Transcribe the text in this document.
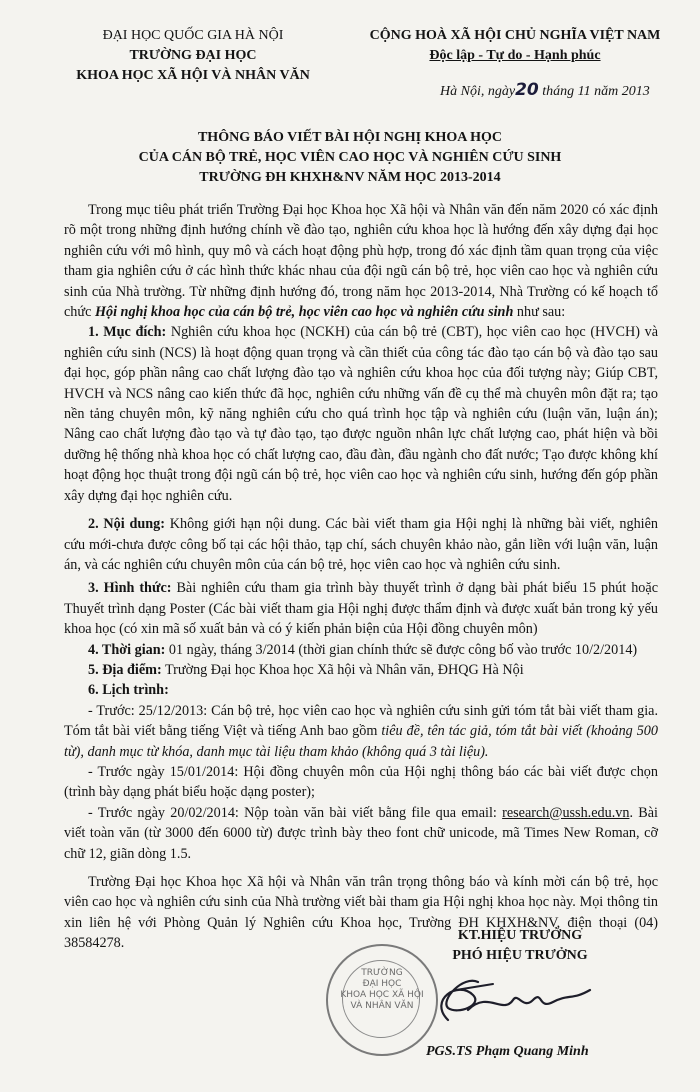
ĐẠI HỌC QUỐC GIA HÀ NỘI
TRƯỜNG ĐẠI HỌC
KHOA HỌC XÃ HỘI VÀ NHÂN VĂN
CỘNG HOÀ XÃ HỘI CHỦ NGHĨA VIỆT NAM
Độc lập - Tự do - Hạnh phúc
Hà Nội, ngày20 tháng 11 năm 2013
THÔNG BÁO VIẾT BÀI HỘI NGHỊ KHOA HỌC
CỦA CÁN BỘ TRẺ, HỌC VIÊN CAO HỌC VÀ NGHIÊN CỨU SINH
TRƯỜNG ĐH KHXH&NV NĂM HỌC 2013-2014

Trong mục tiêu phát triển Trường Đại học Khoa học Xã hội và Nhân văn đến năm 2020 có xác định rõ một trong những định hướng chính về đào tạo, nghiên cứu khoa học là hướng đến xây dựng đại học nghiên cứu với mô hình, quy mô và cách hoạt động phù hợp, trong đó xác định tầm quan trọng của việc tham gia nghiên cứu ở các hình thức khác nhau của đội ngũ cán bộ trẻ, học viên cao học và nghiên cứu sinh của Nhà trường. Từ những định hướng đó, trong năm học 2013-2014, Nhà Trường có kế hoạch tổ chức Hội nghị khoa học của cán bộ trẻ, học viên cao học và nghiên cứu sinh như sau:

1. Mục đích: Nghiên cứu khoa học (NCKH) của cán bộ trẻ (CBT), học viên cao học (HVCH) và nghiên cứu sinh (NCS) là hoạt động quan trọng và cần thiết của công tác đào tạo cán bộ và đào tạo sau đại học, góp phần nâng cao chất lượng đào tạo và nghiên cứu khoa học của đối tượng này; Giúp CBT, HVCH và NCS nâng cao kiến thức đã học, nghiên cứu những vấn đề cụ thể mà chuyên môn đặt ra; tạo nền tảng chuyên môn, kỹ năng nghiên cứu cho quá trình học tập và nghiên cứu (luận văn, luận án); Nâng cao chất lượng đào tạo và tự đào tạo, tạo được nguồn nhân lực chất lượng cao, phát hiện và bồi dưỡng hệ thống nhà khoa học có chất lượng cao, đầu đàn, đầu ngành cho đất nước; Tạo được không khí hoạt động học thuật trong đội ngũ cán bộ trẻ, học viên cao học và nghiên cứu sinh, hướng đến góp phần xây dựng đại học nghiên cứu.

2. Nội dung: Không giới hạn nội dung. Các bài viết tham gia Hội nghị là những bài viết, nghiên cứu mới-chưa được công bố tại các hội thảo, tạp chí, sách chuyên khảo nào, gắn liền với luận văn, luận án, và các nghiên cứu chuyên môn của cán bộ trẻ, học viên cao học và nghiên cứu sinh.

3. Hình thức: Bài nghiên cứu tham gia trình bày thuyết trình ở dạng bài phát biểu 15 phút hoặc Thuyết trình dạng Poster (Các bài viết tham gia Hội nghị được thẩm định và được xuất bản trong kỷ yếu khoa học (có xin mã số xuất bản và có ý kiến phản biện của Hội đồng chuyên môn)

4. Thời gian: 01 ngày, tháng 3/2014 (thời gian chính thức sẽ được công bố vào trước 10/2/2014)

5. Địa điểm: Trường Đại học Khoa học Xã hội và Nhân văn, ĐHQG Hà Nội

6. Lịch trình:

- Trước: 25/12/2013: Cán bộ trẻ, học viên cao học và nghiên cứu sinh gửi tóm tắt bài viết tham gia. Tóm tắt bài viết bằng tiếng Việt và tiếng Anh bao gồm tiêu đề, tên tác giả, tóm tắt bài viết (khoảng 500 từ), danh mục từ khóa, danh mục tài liệu tham khảo (không quá 3 tài liệu).

- Trước ngày 15/01/2014: Hội đồng chuyên môn của Hội nghị thông báo các bài viết được chọn (trình bày dạng phát biểu hoặc dạng poster);

- Trước ngày 20/02/2014: Nộp toàn văn bài viết bằng file qua email: research@ussh.edu.vn. Bài viết toàn văn (từ 3000 đến 6000 từ) được trình bày theo font chữ unicode, mã Times New Roman, cỡ chữ 12, giãn dòng 1.5.

Trường Đại học Khoa học Xã hội và Nhân văn trân trọng thông báo và kính mời cán bộ trẻ, học viên cao học và nghiên cứu sinh của Nhà trường viết bài tham gia Hội nghị khoa học này. Mọi thông tin xin liên hệ với Phòng Quản lý Nghiên cứu Khoa học, Trường ĐH KHXH&NV, điện thoại (04) 38584278.	KT.HIỆU TRƯỞNG
PHÓ HIỆU TRƯỞNG
TRƯỜNG
ĐẠI HỌC
KHOA HỌC XÃ HỘI
VÀ NHÂN VĂN
PGS.TS Phạm Quang Minh
